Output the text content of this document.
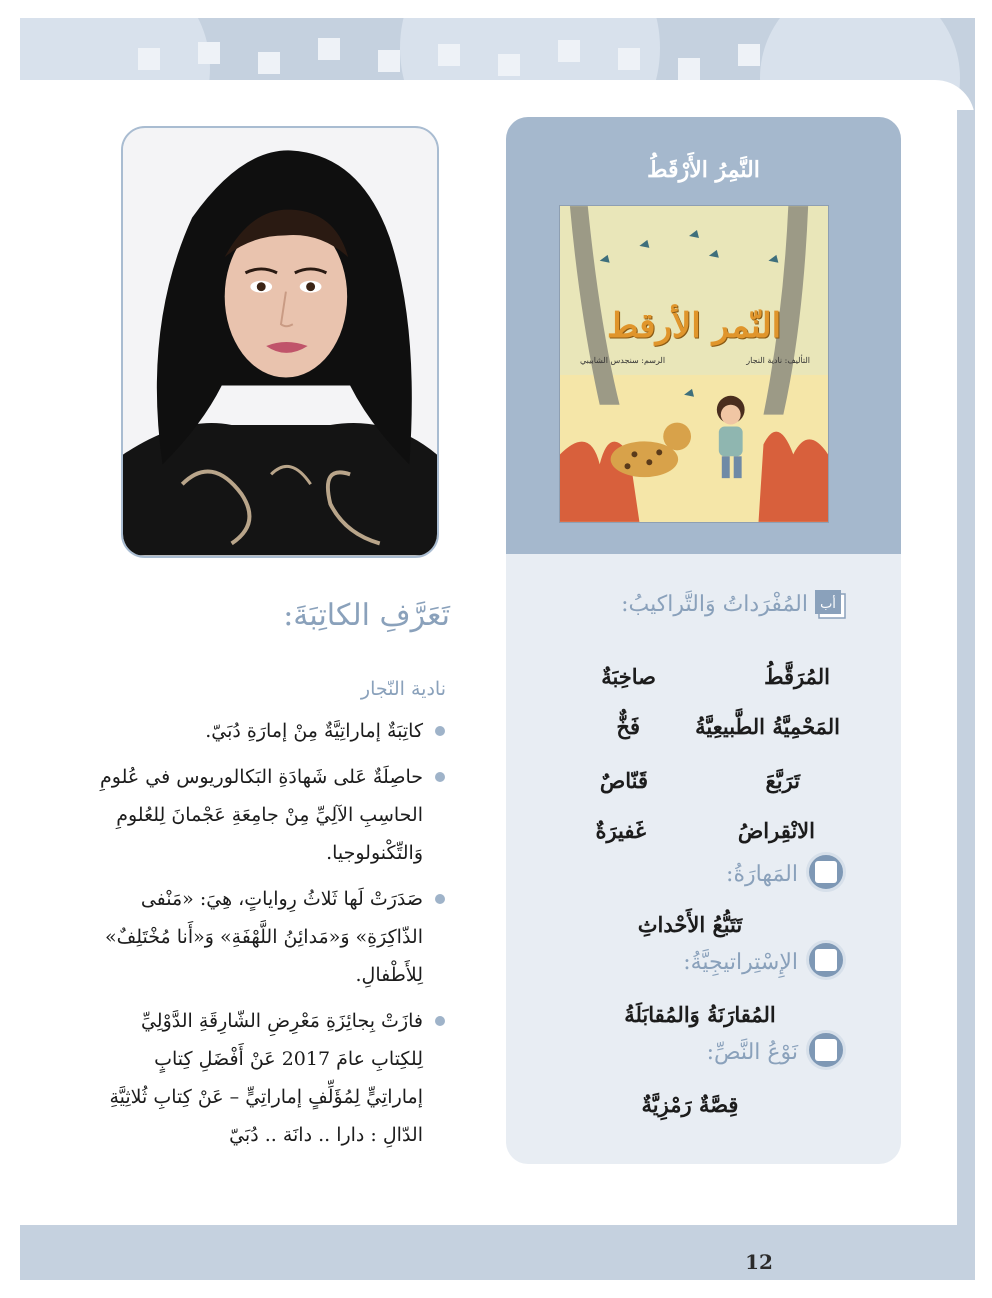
12
النَّمِرُ الأَرْقَطُ
النّمر الأرقط
التأليف: نادية النجار
الرسم: سنجدس الشابيبي
أب
المُفْرَداتُ وَالتَّراكيبُ:
المُرَقَّطُ
صاخِبَةٌ
المَحْمِيَّةُ الطَّبيعِيَّةُ
فَخٌّ
تَرَبَّعَ
قَنّاصٌ
الانْقِراضُ
غَفيرَةٌ
المَهارَةُ:
تَتَبُّعُ الأَحْداثِ
الإِسْتِراتيجِيَّةُ:
المُقارَنَةُ وَالمُقابَلَةُ
نَوْعُ النَّصِّ:
قِصَّةٌ رَمْزِيَّةٌ
تَعَرَّفِ الكاتِبَةَ:
نادية النّجار
كاتِبَةٌ إماراتِيَّةٌ مِنْ إمارَةِ دُبَيّ.
حاصِلَةٌ عَلى شَهادَةِ البَكالوريوس في عُلومِ الحاسِبِ الآلِيِّ مِنْ جامِعَةِ عَجْمانَ لِلعُلومِ وَالتِّكْنولوجيا.
صَدَرَتْ لَها ثَلاثُ رِواياتٍ، هِيَ: «مَنْفى الذّاكِرَةِ» وَ«مَدائِنُ اللَّهْفَةِ» وَ«أَنا مُخْتَلِفٌ» لِلأَطْفالِ.
فازَتْ بِجائِزَةِ مَعْرِضِ الشّارِقَةِ الدَّوْلِيِّ لِلكِتابِ عامَ 2017 عَنْ أَفْضَلِ كِتابٍ إماراتِيٍّ لِمُؤَلِّفٍ إماراتِيٍّ – عَنْ كِتابِ ثُلاثِيَّةِ الدّالِ : دارا .. دانَة .. دُبَيّ
